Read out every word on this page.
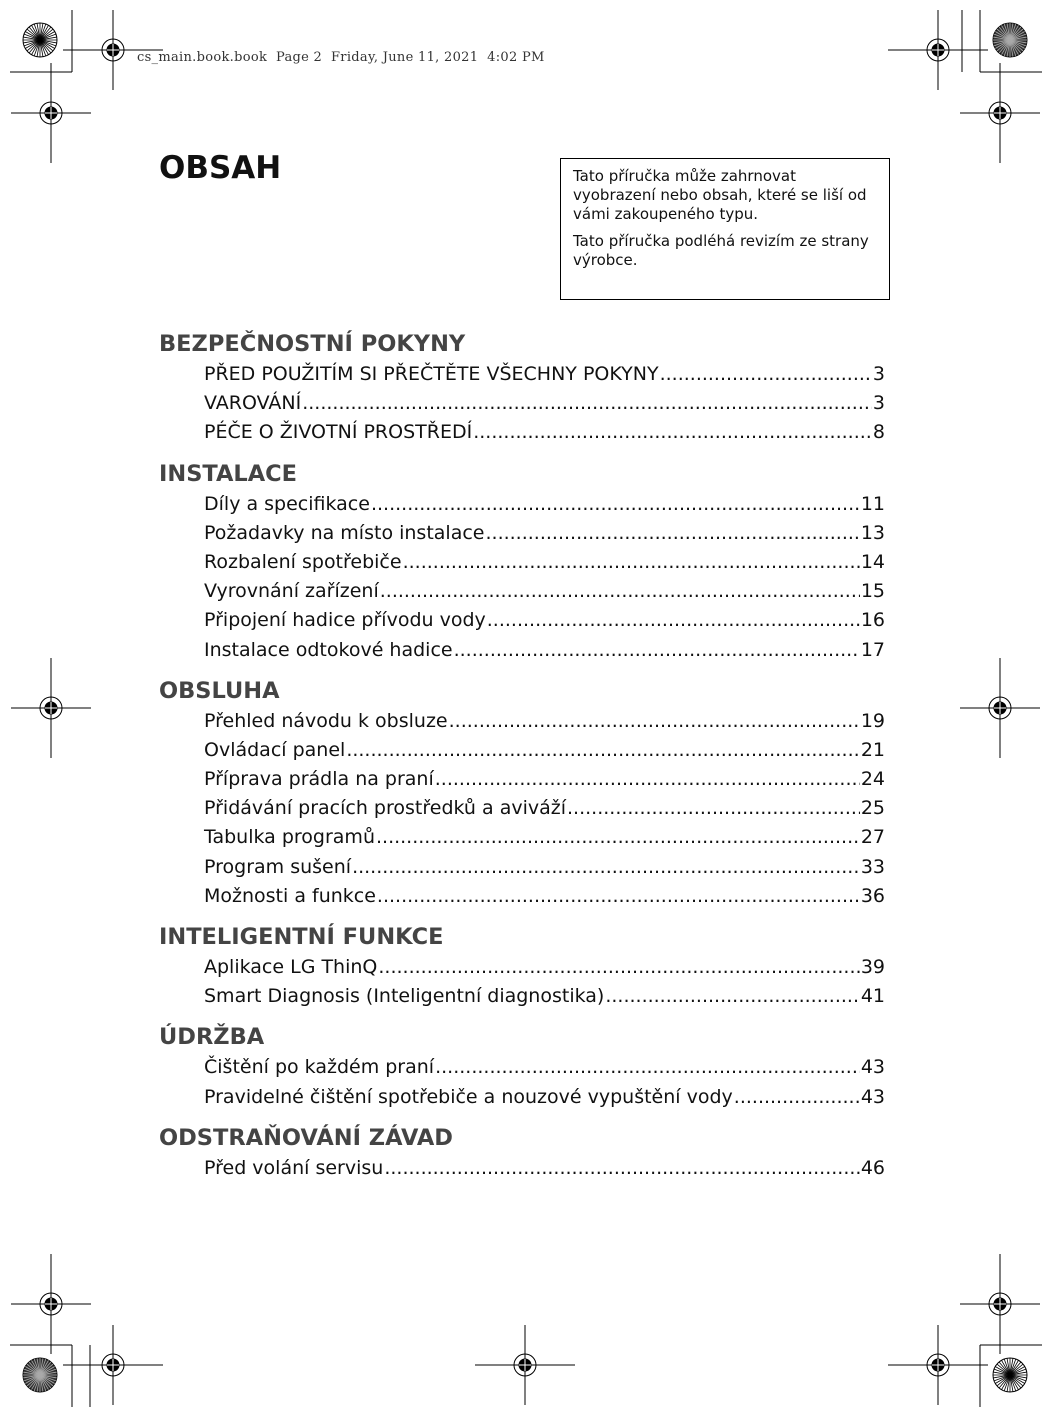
cs_main.book.book  Page 2  Friday, June 11, 2021  4:02 PM
OBSAH	Tato příručka může zahrnovat vyobrazení nebo obsah, které se liší od vámi zakoupeného typu.

Tato příručka podléhá revizím ze strany výrobce.

BEZPEČNOSTNÍ POKYNY
PŘED POUŽITÍM SI PŘEČTĚTE VŠECHNY POKYNY .....	3
VAROVÁNÍ .....	3
PÉČE O ŽIVOTNÍ PROSTŘEDÍ .....	8
INSTALACE
Díly a specifikace .....	11
Požadavky na místo instalace .....	13
Rozbalení spotřebiče .....	14
Vyrovnání zařízení .....	15
Připojení hadice přívodu vody .....	16
Instalace odtokové hadice .....	17
OBSLUHA
Přehled návodu k obsluze .....	19
Ovládací panel .....	21
Příprava prádla na praní .....	24
Přidávání pracích prostředků a aviváží .....	25
Tabulka programů .....	27
Program sušení .....	33
Možnosti a funkce .....	36
INTELIGENTNÍ FUNKCE
Aplikace LG ThinQ .....	39
Smart Diagnosis (Inteligentní diagnostika) .....	41
ÚDRŽBA
Čištění po každém praní .....	43
Pravidelné čištění spotřebiče a nouzové vypuštění vody .....	43
ODSTRAŇOVÁNÍ ZÁVAD
Před volání servisu .....	46
